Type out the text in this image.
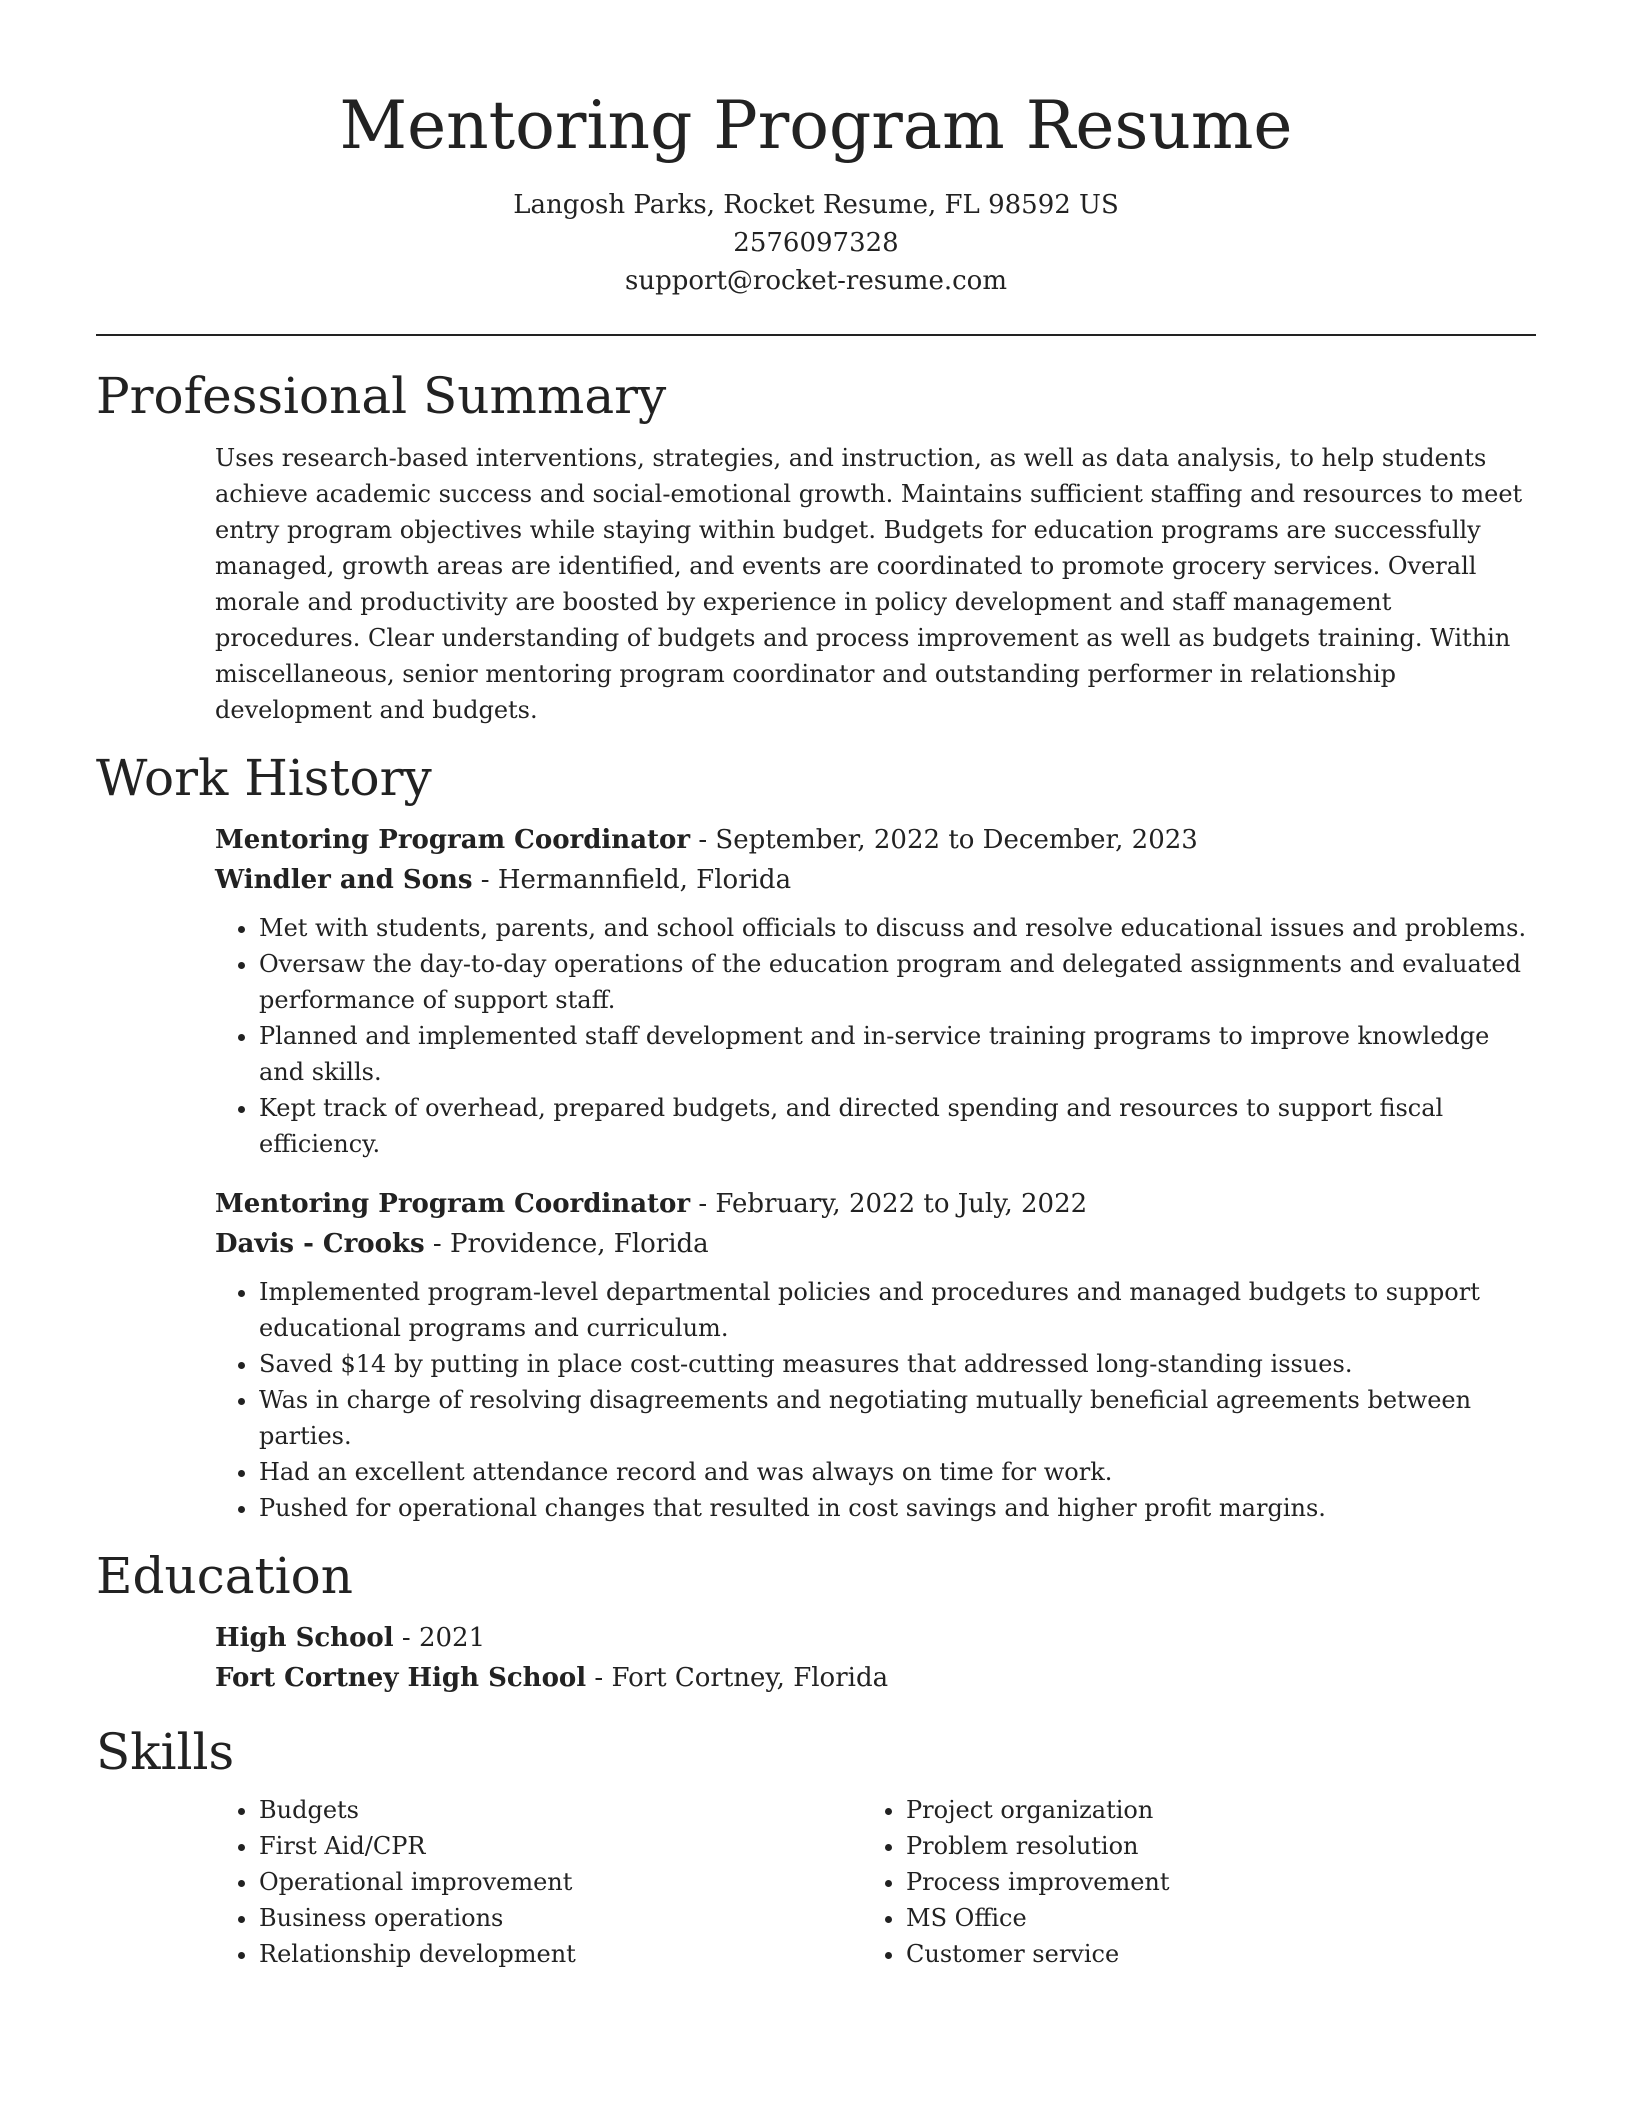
Mentoring Program Resume

Langosh Parks, Rocket Resume, FL 98592 US

2576097328

support@rocket-resume.com

Professional Summary

Uses research-based interventions, strategies, and instruction, as well as data analysis, to help students achieve academic success and social-emotional growth. Maintains sufficient staffing and resources to meet entry program objectives while staying within budget. Budgets for education programs are successfully managed, growth areas are identified, and events are coordinated to promote grocery services. Overall morale and productivity are boosted by experience in policy development and staff management procedures. Clear understanding of budgets and process improvement as well as budgets training. Within miscellaneous, senior mentoring program coordinator and outstanding performer in relationship development and budgets.

Work History

Mentoring Program Coordinator - September, 2022 to December, 2023

Windler and Sons - Hermannfield, Florida

• Met with students, parents, and school officials to discuss and resolve educational issues and problems.
• Oversaw the day-to-day operations of the education program and delegated assignments and evaluated performance of support staff.
• Planned and implemented staff development and in-service training programs to improve knowledge and skills.
• Kept track of overhead, prepared budgets, and directed spending and resources to support fiscal efficiency.

Mentoring Program Coordinator - February, 2022 to July, 2022

Davis - Crooks - Providence, Florida

• Implemented program-level departmental policies and procedures and managed budgets to support educational programs and curriculum.
• Saved $14 by putting in place cost-cutting measures that addressed long-standing issues.
• Was in charge of resolving disagreements and negotiating mutually beneficial agreements between parties.
• Had an excellent attendance record and was always on time for work.
• Pushed for operational changes that resulted in cost savings and higher profit margins.
Education

High School - 2021

Fort Cortney High School - Fort Cortney, Florida

Skills
• Budgets
• First Aid/CPR
• Operational improvement
• Business operations
• Relationship development
• Project organization
• Problem resolution
• Process improvement
• MS Office
• Customer service
